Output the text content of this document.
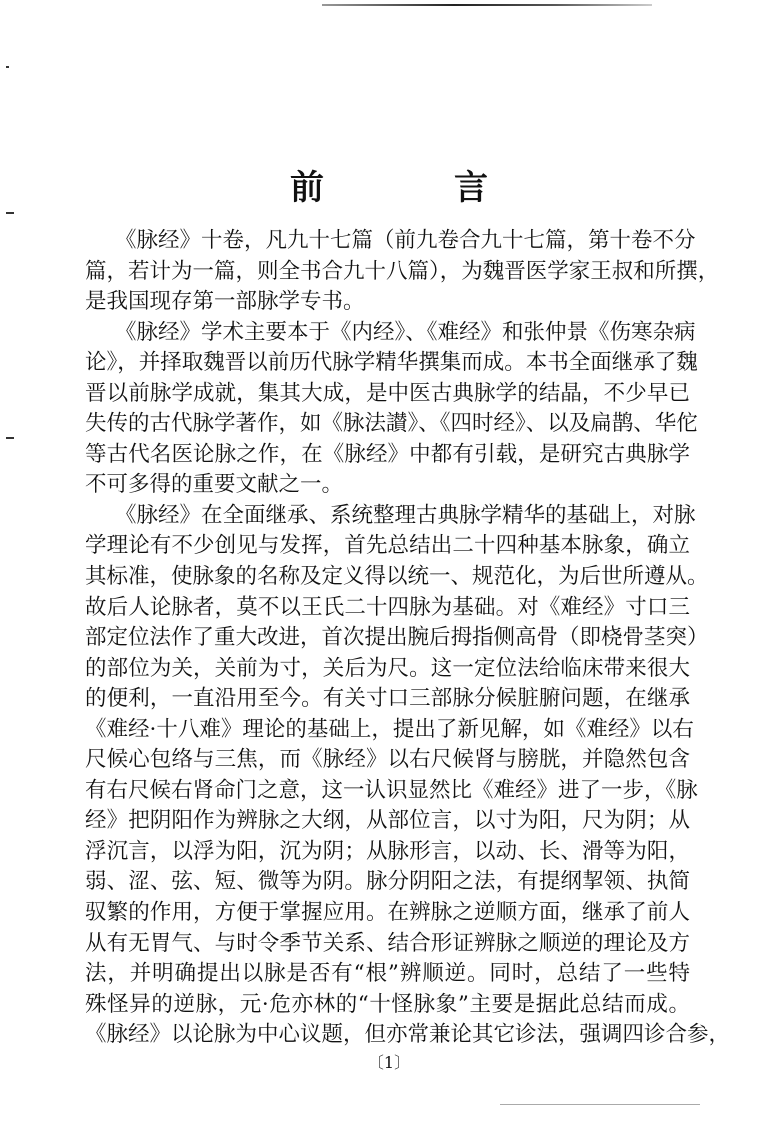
前　言
《脉经》十卷，凡九十七篇（前九卷合九十七篇，第十卷不分
篇，若计为一篇，则全书合九十八篇），为魏晋医学家王叔和所撰，
是我国现存第一部脉学专书。
《脉经》学术主要本于《内经》、《难经》和张仲景《伤寒杂病
论》，并择取魏晋以前历代脉学精华撰集而成。本书全面继承了魏
晋以前脉学成就，集其大成，是中医古典脉学的结晶，不少早已
失传的古代脉学著作，如《脉法讃》、《四时经》、以及扁鹊、华佗
等古代名医论脉之作，在《脉经》中都有引载，是研究古典脉学
不可多得的重要文献之一。
《脉经》在全面继承、系统整理古典脉学精华的基础上，对脉
学理论有不少创见与发挥，首先总结出二十四种基本脉象，确立
其标准，使脉象的名称及定义得以统一、规范化，为后世所遵从。
故后人论脉者，莫不以王氏二十四脉为基础。对《难经》寸口三
部定位法作了重大改进，首次提出腕后拇指侧高骨（即桡骨茎突）
的部位为关，关前为寸，关后为尺。这一定位法给临床带来很大
的便利，一直沿用至今。有关寸口三部脉分候脏腑问题，在继承
《难经·十八难》理论的基础上，提出了新见解，如《难经》以右
尺候心包络与三焦，而《脉经》以右尺候肾与膀胱，并隐然包含
有右尺候右肾命门之意，这一认识显然比《难经》进了一步，《脉
经》把阴阳作为辨脉之大纲，从部位言，以寸为阳，尺为阴；从
浮沉言，以浮为阳，沉为阴；从脉形言，以动、长、滑等为阳，
弱、涩、弦、短、微等为阴。脉分阴阳之法，有提纲挈领、执简
驭繁的作用，方便于掌握应用。在辨脉之逆顺方面，继承了前人
从有无胃气、与时令季节关系、结合形证辨脉之顺逆的理论及方
法，并明确提出以脉是否有“根”辨顺逆。同时，总结了一些特
殊怪异的逆脉，元·危亦林的“十怪脉象”主要是据此总结而成。
《脉经》以论脉为中心议题，但亦常兼论其它诊法，强调四诊合参，
〔1〕
